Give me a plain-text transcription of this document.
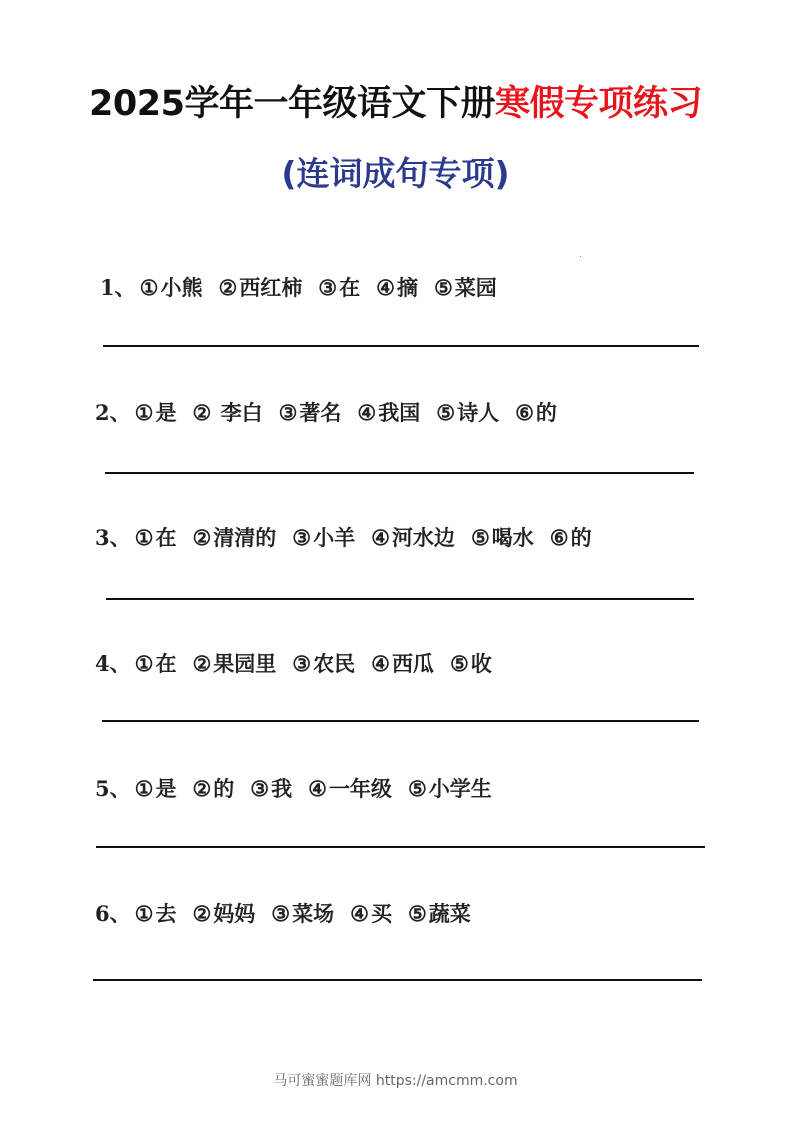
2025学年一年级语文下册寒假专项练习
(连词成句专项)
1、 ①小熊 ②西红柿 ③在 ④摘 ⑤菜园
2、 ①是 ② 李白 ③著名 ④我国 ⑤诗人 ⑥的
3、 ①在 ②清清的 ③小羊 ④河水边 ⑤喝水 ⑥的
4、 ①在 ②果园里 ③农民 ④西瓜 ⑤收
5、 ①是 ②的 ③我 ④一年级 ⑤小学生
6、 ①去 ②妈妈 ③菜场 ④买 ⑤蔬菜
马可蜜蜜题库网 https://amcmm.com
